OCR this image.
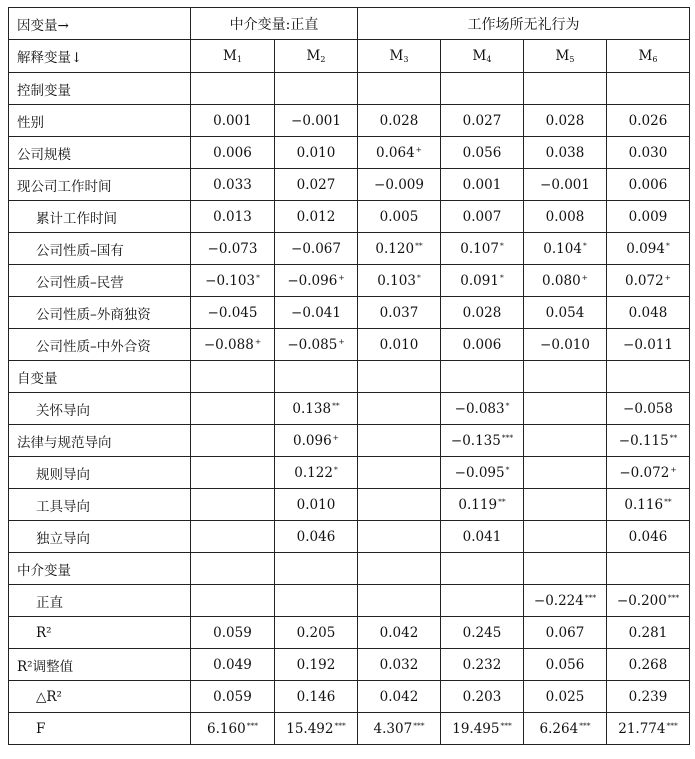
因变量→	中介变量:正直		工作场所无礼行为			
解释变量↓	$M_1$	$M_2$	$M_3$	$M_4$	$M_5$	$M_6$
控制变量						
性别	0.001	−0.001	0.028	0.027	0.028	0.026
公司规模	0.006	0.010	0.064+	0.056	0.038	0.030
现公司工作时间	0.033	0.027	−0.009	0.001	−0.001	0.006
累计工作时间	0.013	0.012	0.005	0.007	0.008	0.009
公司性质–国有	−0.073	−0.067	0.120**	0.107*	0.104*	0.094*
公司性质–民营	−0.103*	−0.096+	0.103*	0.091*	0.080+	0.072+
公司性质–外商独资	−0.045	−0.041	0.037	0.028	0.054	0.048
公司性质–中外合资	−0.088+	−0.085+	0.010	0.006	−0.010	−0.011
自变量						
关怀导向		0.138**		−0.083*		−0.058
法律与规范导向		0.096+		−0.135***		−0.115**
规则导向		0.122*		−0.095*		−0.072+
工具导向		0.010		0.119**		0.116**
独立导向		0.046		0.041		0.046
中介变量						
正直					−0.224***	−0.200***
R²	0.059	0.205	0.042	0.245	0.067	0.281
R²调整值	0.049	0.192	0.032	0.232	0.056	0.268
△R²	0.059	0.146	0.042	0.203	0.025	0.239
F	6.160***	15.492***	4.307***	19.495***	6.264***	21.774***
